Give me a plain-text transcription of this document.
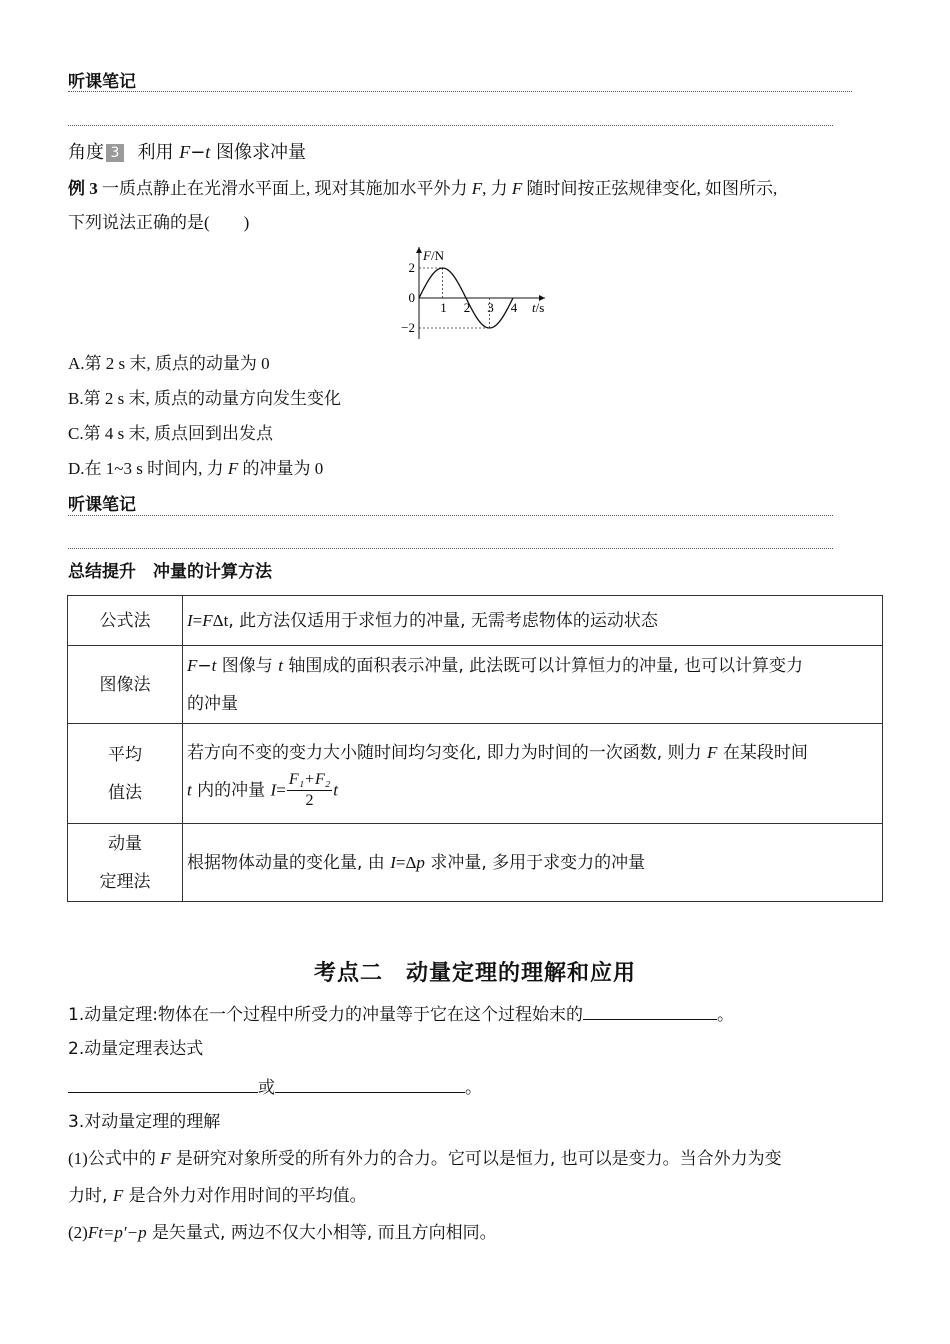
听课笔记
角度 3 利用 F−t 图像求冲量
例 3 一质点静止在光滑水平面上, 现对其施加水平外力 F, 力 F 随时间按正弦规律变化, 如图所示,
下列说法正确的是(　　)
1 2 3 4
2
0
−2
F/N
t/s
A.第 2 s 末, 质点的动量为 0
B.第 2 s 末, 质点的动量方向发生变化
C.第 4 s 末, 质点回到出发点
D.在 1~3 s 时间内, 力 F 的冲量为 0
听课笔记
总结提升　冲量的计算方法
公式法	I=FΔt, 此方法仅适用于求恒力的冲量, 无需考虑物体的运动状态
图像法	F−t 图像与 t 轴围成的面积表示冲量, 此法既可以计算恒力的冲量, 也可以计算变力
的冲量
平均
值法	若方向不变的变力大小随时间均匀变化, 即力为时间的一次函数, 则力 F 在某段时间
t 内的冲量 $I= \frac{\text{F₁+F₂}}{2}$ t
动量
定理法	根据物体动量的变化量, 由 I=Δp 求冲量, 多用于求变力的冲量
考点二　动量定理的理解和应用
1.动量定理:物体在一个过程中所受力的冲量等于它在这个过程始末的	。
2.动量定理表达式
或	。
3.对动量定理的理解
(1)公式中的 F 是研究对象所受的所有外力的合力。它可以是恒力, 也可以是变力。当合外力为变
力时, F 是合外力对作用时间的平均值。
(2)Ft=p′−p 是矢量式, 两边不仅大小相等, 而且方向相同。
